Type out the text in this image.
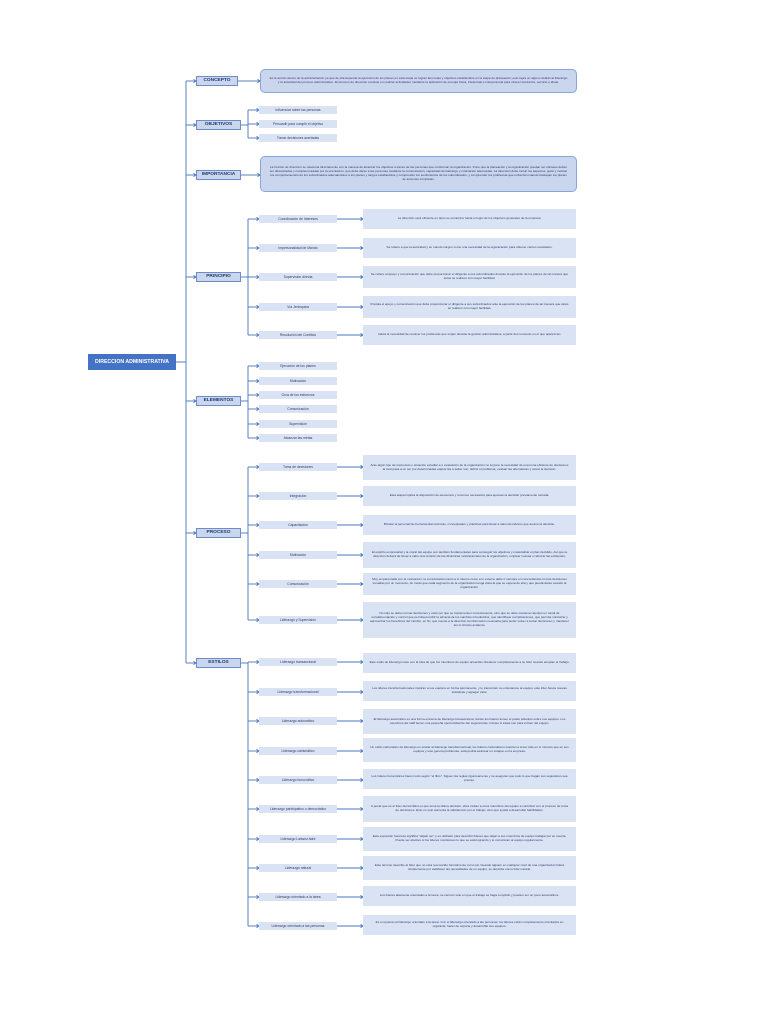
DIRECCION ADMINISTRATIVA
CONCEPTO
OBJETIVOS
IMPORTANCIA
PRINCIPIO
ELEMENTOS
PROCESO
ESTILOS
Es la acción dentro de la administración ya que de ella depende la ejecución de los planes en esta etapa se logran las metas y objetivos establecidos en la etapa de planeación; esto logra un alguno debido al liderazgo y la autoridad del proceso administrativo. El proceso de dirección consiste en realizar actividades mediante la aplicación de energía física, intelectual e interpersonal para ofrecer productos, servicio e ideas.
La función de dirección se relaciona directamente con la manera de alcanzar los objetivos a través de las personas que conforman la organización. Pone que la planeación y la organización puedan ser eficaces deben ser dinamizadas y complementadas por la orientación, que debe darse a las personas mediante la comunicación, capacidad de liderazgo y motivación adecuadas. La dirección debe incluir los aspectos, guiar y motivar los comportamientos de los subordinados adecuándolos a los planes y cargos establecidos y comprender los sentimientos de los subordinados, y comprender los problemas que enfrentan cuando traslapan los planes de acciones completas.
Influenciar sobre las personas
Persuadir para cumplir el objetivo
Tomar decisiones acertadas
Coordinación de Intereses	La dirección será eficiente en tanto se encamine hacia el logro de los objetivos generales de la empresa.
Impersonalidad de Mando	Se refiere a que la autoridad y su mando surgen como una necesidad de la organización para obtener ciertos resultados.
Supervisión directa
Se refiere al apoyo y comunicación que debe proporcionar el dirigente a sus subordinados durante la ejecución de los planes de tal manera que éstos se realicen con mayor facilidad.
Vía Jerárquica
Postula el apoyo y comunicación que debe proporcionar el dirigente a sus subordinados ante la ejecución de los planes de tal manera que éstos se realicen con mayor facilidad.
Resolución del Conflicto	Indica la necesidad de resolver los problemas que surjan durante la gestión administrativa, a partir del momento en el que aparezcan.
Ejecución de los planes
Motivación
Guía de los esfuerzos
Comunicación
Supervisión
Alcanzar las metas
Toma de decisiones
Ante algún tipo de imprevisto o situación estudiar a o evaluación de la organización no impone la necesidad de una toma eficiente de decisiones la cual pasa a un ser por determinadas etapas las a saber son: definir el problema, evaluar las alternativas y tomar la decisión.
Integración	Esta etapa implica la disposición de elementos y recursos necesarios para ejecutar la decisión previamente tomada.
Capacitación	Brindar al personal las herramientas técnicas, conceptuales y prácticas para llevar a cabo las labores que asume la decisión.
Motivación
El espíritu empresarial y la moral del equipo son también fundamentales para conseguir los objetivos y materializar el plan decidido. Así que la dirección deberá de llevar a cabo una revisión de las dinámicas motivacionales de la organización, emplear nuevas o reforzar las existentes.
Comunicación
Muy emparentada con la motivación, la comunicación tanto a lo interno como a lo externo debe ir siempre en concordancia con las decisiones tomadas por un momento, de modo que cada segmento de la organización tenga clara la que se espera de ella y que pueda darse cuando la organización.
Liderazgo y Supervisión
No sólo se deben tomar decisiones y velar por que se implementen correctamente, sino que se debe mantener atentos un canal de retroalimentación y control que permita percibir la eficacia de los cambios introducidos, que identifique complicaciones, que permita minimizar y aprovechar los beneficios del cambio, en fin, que cuente a la dirección la información necesaria para poder volver a tomar decisiones y mantener así el circuito andando.
Liderazgo transaccional	Este estilo de liderazgo nace con la idea de que los miembros de equipo acuerdan obedecer completamente a su líder cuando aceptan el trabajo.
Liderazgo transformacional
Los líderes transformacionales inspiran a sus equipos en forma permanente, y le transmiten su entusiasmo al equipo; este líder busca nuevas iniciativas y agregar valor.
Liderazgo autocrático
El liderazgo autocrático es una forma extrema de liderazgo transaccional, donde los líderes tienen el poder absoluto sobre sus equipos. Los miembros del staff tienen una pequeña oportunidad de dar sugerencias, incluso si éstas son para el bien del equipo.
Liderazgo carismático
Un estilo carismático de liderazgo es similar al liderazgo transformacional, los líderes carismáticos inspiran a crear más en sí mismos que en sus equipos y esto genera problemas, está podría acarrear un colapso en la empresa.
Liderazgo burocrático
Los líderes burocráticos hacen todo según "el libro". Siguen las reglas rigurosamente y se aseguran que todo lo que hagan sus seguidores sea preciso.
Liderazgo participativo o democrático
A pesar que es el líder democrático el que toma la última decisión, ellos invitan a otros miembros del equipo a contribuir con el proceso de toma de decisiones. Esto no solo aumenta la satisfacción por el trabajo, sino que ayuda a desarrollar habilidades.
Liderazgo Laissez-faire
Esta expresión francesa significa "déjalo ser" y es utilizado para describir líderes que dejan a sus miembros de equipo trabajar por su cuenta. Puede ser efectivo si los líderes monitorean lo que se está logrando y lo comunican al equipo regularmente.
Liderazgo natural
Este término describe al líder que no está reconocido formalmente como tal. Cuando alguien en cualquier nivel de una organización lidera simplemente por satisfacer las necesidades de un equipo, se describe como líder natural.
Liderazgo orientado a la tarea	Los líderes altamente orientados a la tarea, se centran solo en que el trabajo se haga cumplido y pueden ser un poco autocráticos.
Liderazgo orientado a las personas
Es el opuesto al liderazgo orientado a la tarea. Con el liderazgo orientado a las personas, los líderes están completamente orientados en organizar, hacer de soporte y desarrollar sus equipos.
